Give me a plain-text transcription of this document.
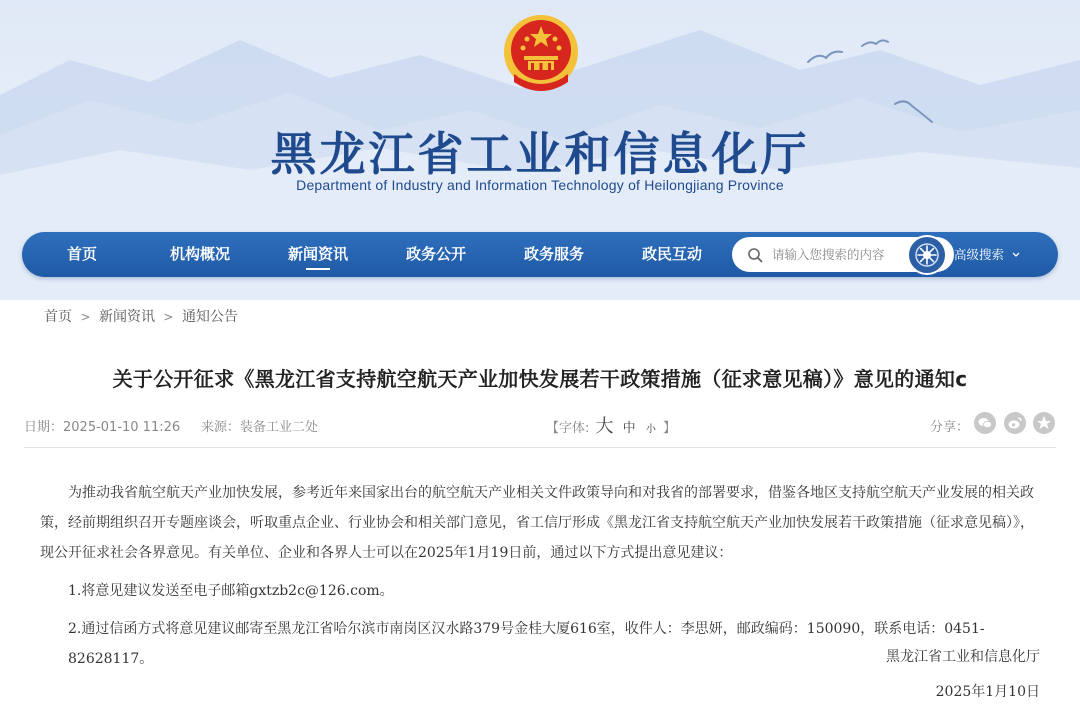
黑龙江省工业和信息化厅
Department of Industry and Information Technology of Heilongjiang Province
首页	机构概况	新闻资讯	政务公开	政务服务	政民互动
请输入您搜索的内容	高级搜索
首页 > 新闻资讯 > 通知公告
关于公开征求《黑龙江省支持航空航天产业加快发展若干政策措施（征求意见稿）》意见的通知c
日期：2025-01-10 11:26 来源：装备工业二处	【字体: 大 中 小 】	分享：

为推动我省航空航天产业加快发展，参考近年来国家出台的航空航天产业相关文件政策导向和对我省的部署要求，借鉴各地区支持航空航天产业发展的相关政策，经前期组织召开专题座谈会，听取重点企业、行业协会和相关部门意见，省工信厅形成《黑龙江省支持航空航天产业加快发展若干政策措施（征求意见稿）》，现公开征求社会各界意见。有关单位、企业和各界人士可以在2025年1月19日前，通过以下方式提出意见建议：

1.将意见建议发送至电子邮箱gxtzb2c@126.com。

2.通过信函方式将意见建议邮寄至黑龙江省哈尔滨市南岗区汉水路379号金桂大厦616室，收件人：李思妍，邮政编码：150090，联系电话：0451-82628117。	黑龙江省工业和信息化厅
2025年1月10日
